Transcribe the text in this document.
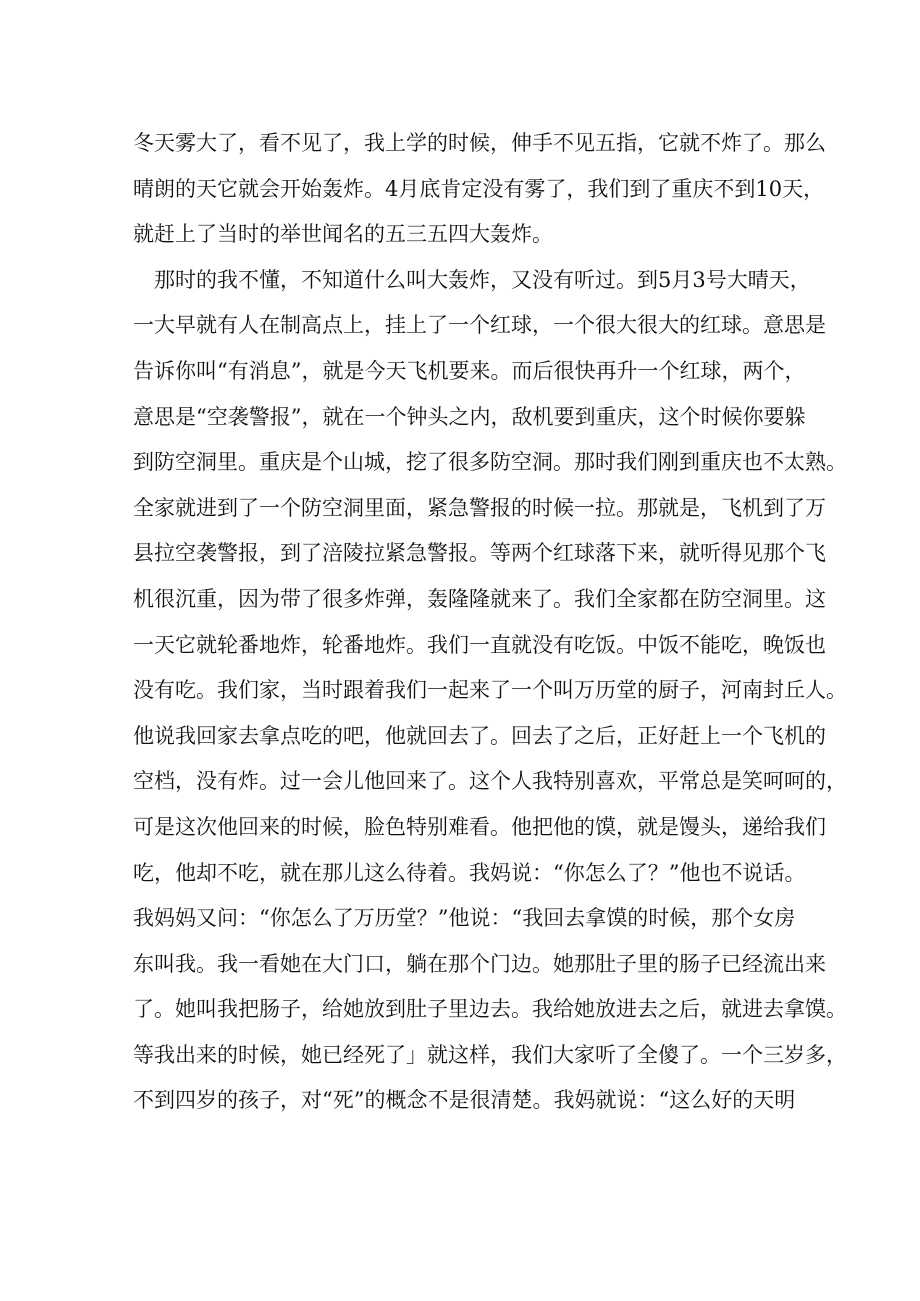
冬天雾大了，看不见了，我上学的时候，伸手不见五指，它就不炸了。那么
晴朗的天它就会开始轰炸。4月底肯定没有雾了，我们到了重庆不到10天，
就赶上了当时的举世闻名的五三五四大轰炸。
那时的我不懂，不知道什么叫大轰炸，又没有听过。到5月3号大晴天，
一大早就有人在制高点上，挂上了一个红球，一个很大很大的红球。意思是
告诉你叫“有消息”，就是今天飞机要来。而后很快再升一个红球，两个，
意思是“空袭警报”，就在一个钟头之内，敌机要到重庆，这个时候你要躲
到防空洞里。重庆是个山城，挖了很多防空洞。那时我们刚到重庆也不太熟。
全家就进到了一个防空洞里面，紧急警报的时候一拉。那就是，飞机到了万
县拉空袭警报，到了涪陵拉紧急警报。等两个红球落下来，就听得见那个飞
机很沉重，因为带了很多炸弹，轰隆隆就来了。我们全家都在防空洞里。这
一天它就轮番地炸，轮番地炸。我们一直就没有吃饭。中饭不能吃，晚饭也
没有吃。我们家，当时跟着我们一起来了一个叫万历堂的厨子，河南封丘人。
他说我回家去拿点吃的吧，他就回去了。回去了之后，正好赶上一个飞机的
空档，没有炸。过一会儿他回来了。这个人我特别喜欢，平常总是笑呵呵的，
可是这次他回来的时候，脸色特别难看。他把他的馍，就是馒头，递给我们
吃，他却不吃，就在那儿这么待着。我妈说：“你怎么了？”他也不说话。
我妈妈又问：“你怎么了万历堂？”他说：“我回去拿馍的时候，那个女房
东叫我。我一看她在大门口，躺在那个门边。她那肚子里的肠子已经流出来
了。她叫我把肠子，给她放到肚子里边去。我给她放进去之后，就进去拿馍。
等我出来的时候，她已经死了」就这样，我们大家听了全傻了。一个三岁多，
不到四岁的孩子，对“死”的概念不是很清楚。我妈就说：“这么好的天明
